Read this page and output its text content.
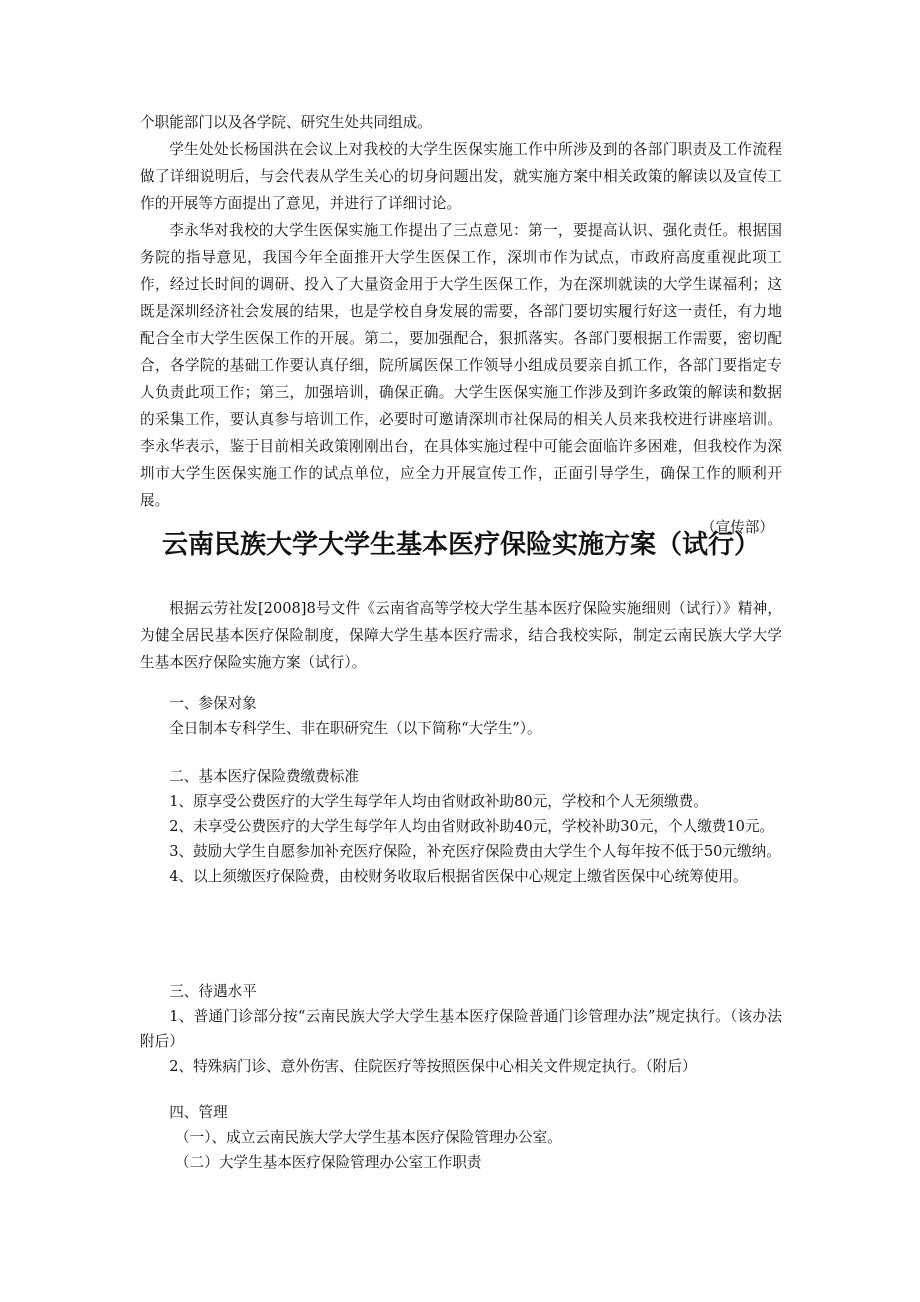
个职能部门以及各学院、研究生处共同组成。

学生处处长杨国洪在会议上对我校的大学生医保实施工作中所涉及到的各部门职责及工作流程做了详细说明后，与会代表从学生关心的切身问题出发，就实施方案中相关政策的解读以及宣传工作的开展等方面提出了意见，并进行了详细讨论。

李永华对我校的大学生医保实施工作提出了三点意见：第一，要提高认识、强化责任。根据国务院的指导意见，我国今年全面推开大学生医保工作，深圳市作为试点，市政府高度重视此项工作，经过长时间的调研、投入了大量资金用于大学生医保工作，为在深圳就读的大学生谋福利；这既是深圳经济社会发展的结果，也是学校自身发展的需要，各部门要切实履行好这一责任，有力地配合全市大学生医保工作的开展。第二，要加强配合，狠抓落实。各部门要根据工作需要，密切配合，各学院的基础工作要认真仔细，院所属医保工作领导小组成员要亲自抓工作，各部门要指定专人负责此项工作；第三，加强培训，确保正确。大学生医保实施工作涉及到许多政策的解读和数据的采集工作，要认真参与培训工作，必要时可邀请深圳市社保局的相关人员来我校进行讲座培训。李永华表示，鉴于目前相关政策刚刚出台，在具体实施过程中可能会面临许多困难，但我校作为深圳市大学生医保实施工作的试点单位，应全力开展宣传工作，正面引导学生，确保工作的顺利开展。

（宣传部）

云南民族大学大学生基本医疗保险实施方案（试行）

根据云劳社发[2008]8号文件《云南省高等学校大学生基本医疗保险实施细则（试行）》精神，为健全居民基本医疗保险制度，保障大学生基本医疗需求，结合我校实际，制定云南民族大学大学生基本医疗保险实施方案（试行）。

一、参保对象

全日制本专科学生、非在职研究生（以下简称“大学生”）。

二、基本医疗保险费缴费标准

1、原享受公费医疗的大学生每学年人均由省财政补助80元，学校和个人无须缴费。

2、未享受公费医疗的大学生每学年人均由省财政补助40元，学校补助30元，个人缴费10元。

3、鼓励大学生自愿参加补充医疗保险，补充医疗保险费由大学生个人每年按不低于50元缴纳。

4、以上须缴医疗保险费，由校财务收取后根据省医保中心规定上缴省医保中心统筹使用。

三、待遇水平

1、普通门诊部分按“云南民族大学大学生基本医疗保险普通门诊管理办法”规定执行。（该办法附后）

2、特殊病门诊、意外伤害、住院医疗等按照医保中心相关文件规定执行。（附后）

四、管理

（一）、成立云南民族大学大学生基本医疗保险管理办公室。

（二）大学生基本医疗保险管理办公室工作职责
